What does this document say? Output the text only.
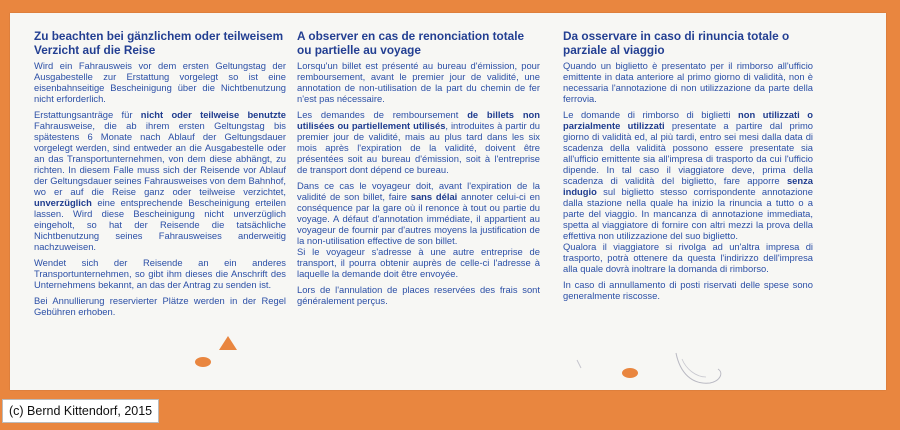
Zu beachten bei gänzlichem oder teilweisem Verzicht auf die Reise

Wird ein Fahrausweis vor dem ersten Geltungstag der Ausgabestelle zur Erstattung vorgelegt so ist eine eisenbahnseitige Bescheinigung über die Nichtbenutzung nicht erforderlich.

Erstattungsanträge für nicht oder teilweise benutzte Fahrausweise, die ab ihrem ersten Geltungstag bis spätestens 6 Monate nach Ablauf der Geltungsdauer vorgelegt werden, sind entweder an die Ausgabestelle oder an das Transportunternehmen, von dem diese abhängt, zu richten. In diesem Falle muss sich der Reisende vor Ablauf der Geltungsdauer seines Fahrausweises von dem Bahnhof, wo er auf die Reise ganz oder teilweise verzichtet, unverzüglich eine entsprechende Bescheinigung erteilen lassen. Wird diese Bescheinigung nicht unverzüglich eingeholt, so hat der Reisende die tatsächliche Nichtbenutzung seines Fahrausweises anderweitig nachzuweisen.

Wendet sich der Reisende an ein anderes Transportunternehmen, so gibt ihm dieses die Anschrift des Unternehmens bekannt, an das der Antrag zu senden ist.

Bei Annullierung reservierter Plätze werden in der Regel Gebühren erhoben.

A observer en cas de renonciation totale ou partielle au voyage

Lorsqu'un billet est présenté au bureau d'émission, pour remboursement, avant le premier jour de validité, une annotation de non-utilisation de la part du chemin de fer n'est pas nécessaire.

Les demandes de remboursement de billets non utilisées ou partiellement utilisés, introduites à partir du premier jour de validité, mais au plus tard dans les six mois après l'expiration de la validité, doivent être présentées soit au bureau d'émission, soit à l'entreprise de transport dont dépend ce bureau.

Dans ce cas le voyageur doit, avant l'expiration de la validité de son billet, faire sans délai annoter celui-ci en conséquence par la gare où il renonce à tout ou partie du voyage. A défaut d'annotation immédiate, il appartient au voyageur de fournir par d'autres moyens la justification de la non-utilisation effective de son billet.

Si le voyageur s'adresse à une autre entreprise de transport, il pourra obtenir auprès de celle-ci l'adresse à laquelle la demande doit être envoyée.

Lors de l'annulation de places reservées des frais sont généralement perçus.

Da osservare in caso di rinuncia totale o parziale al viaggio

Quando un biglietto è presentato per il rimborso all'ufficio emittente in data anteriore al primo giorno di validità, non è necessaria l'annotazione di non utilizzazione da parte della ferrovia.

Le domande di rimborso di biglietti non utilizzati o parzialmente utilizzati presentate a partire dal primo giorno di validità ed, al più tardi, entro sei mesi dalla data di scadenza della validità possono essere presentate sia all'ufficio emittente sia all'impresa di trasporto da cui l'ufficio dipende. In tal caso il viaggiatore deve, prima della scadenza di validità del biglietto, fare apporre senza indugio sul biglietto stesso corrispondente annotazione dalla stazione nella quale ha inizio la rinuncia a tutto o a parte del viaggio. In mancanza di annotazione immediata, spetta al viaggiatore di fornire con altri mezzi la prova della effettiva non utilizzazione del suo biglietto.

Qualora il viaggiatore si rivolga ad un'altra impresa di trasporto, potrà ottenere da questa l'indirizzo dell'impresa alla quale dovrà inoltrare la domanda di rimborso.

In caso di annullamento di posti riservati delle spese sono generalmente riscosse.

(c) Bernd Kittendorf, 2015
